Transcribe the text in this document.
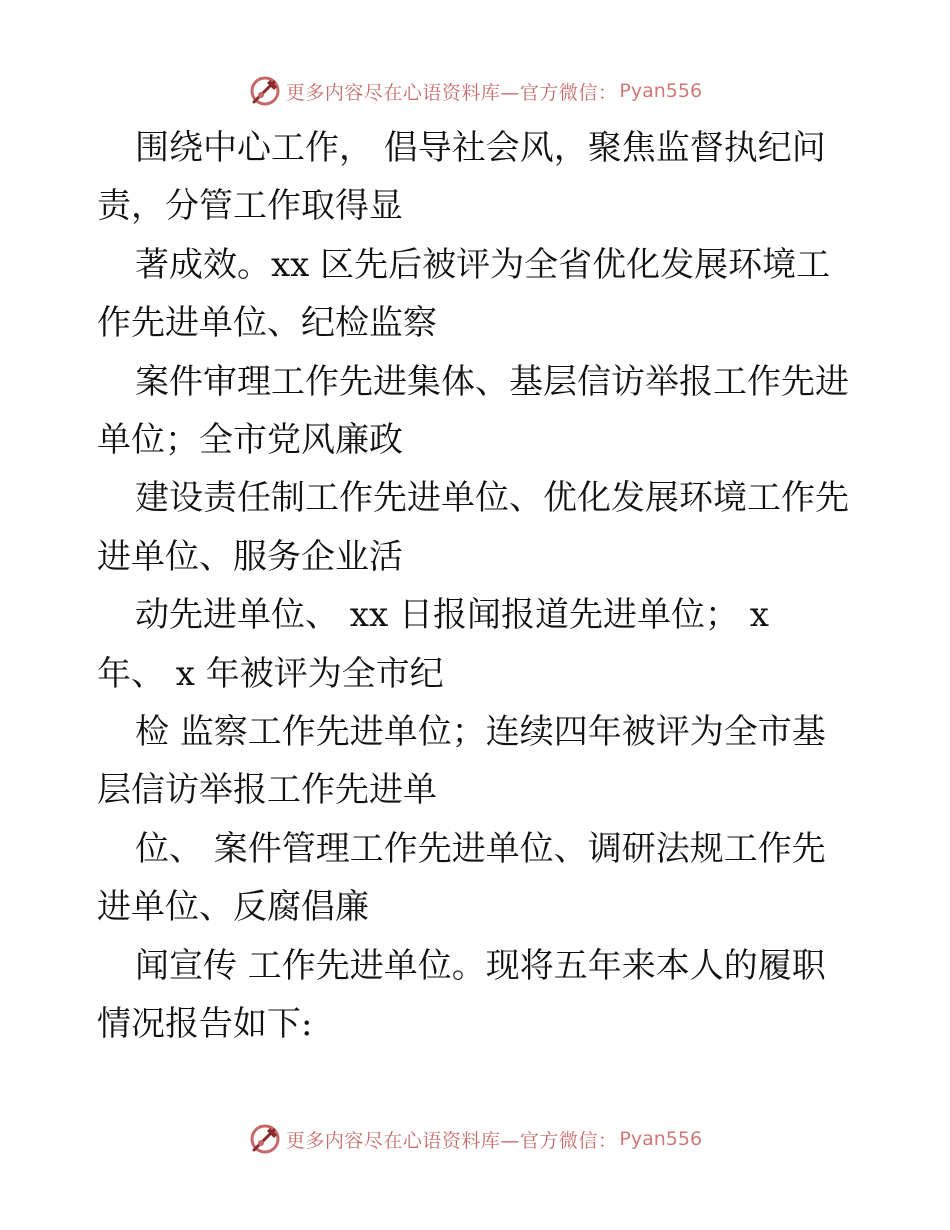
更多内容尽在心语资料库—官方微信： Pyan556

围绕中心工作， 倡导社会风，聚焦监督执纪问

责，分管工作取得显

著成效。xx 区先后被评为全省优化发展环境工

作先进单位、纪检监察

案件审理工作先进集体、基层信访举报工作先进

单位；全市党风廉政

建设责任制工作先进单位、优化发展环境工作先

进单位、服务企业活

动先进单位、 xx 日报闻报道先进单位； x

年、 x 年被评为全市纪

检 监察工作先进单位；连续四年被评为全市基

层信访举报工作先进单

位、 案件管理工作先进单位、调研法规工作先

进单位、反腐倡廉

闻宣传 工作先进单位。现将五年来本人的履职

情况报告如下:

更多内容尽在心语资料库—官方微信： Pyan556
